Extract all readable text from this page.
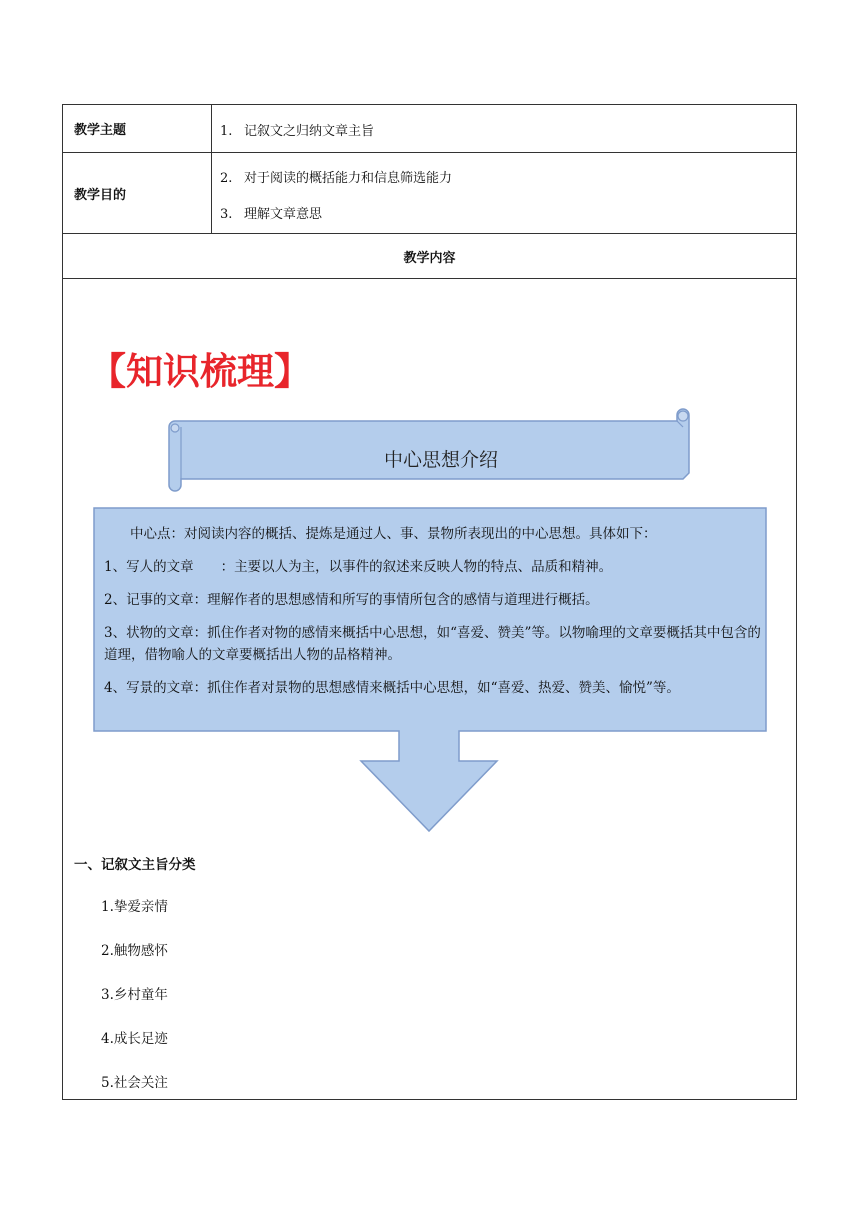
教学主题	1. 记叙文之归纳文章主旨
教学目的
2. 对于阅读的概括能力和信息筛选能力
3. 理解文章意思
教学内容
【知识梳理】
中心思想介绍

中心点：对阅读内容的概括、提炼是通过人、事、景物所表现出的中心思想。具体如下：

1、写人的文章　　：主要以人为主，以事件的叙述来反映人物的特点、品质和精神。

2、记事的文章：理解作者的思想感情和所写的事情所包含的感情与道理进行概括。

3、状物的文章：抓住作者对物的感情来概括中心思想，如“喜爱、赞美”等。以物喻理的文章要概括其中包含的道理，借物喻人的文章要概括出人物的品格精神。

4、写景的文章：抓住作者对景物的思想感情来概括中心思想，如“喜爱、热爱、赞美、愉悦”等。

一、记叙文主旨分类
1.挚爱亲情
2.触物感怀
3.乡村童年
4.成长足迹
5.社会关注
